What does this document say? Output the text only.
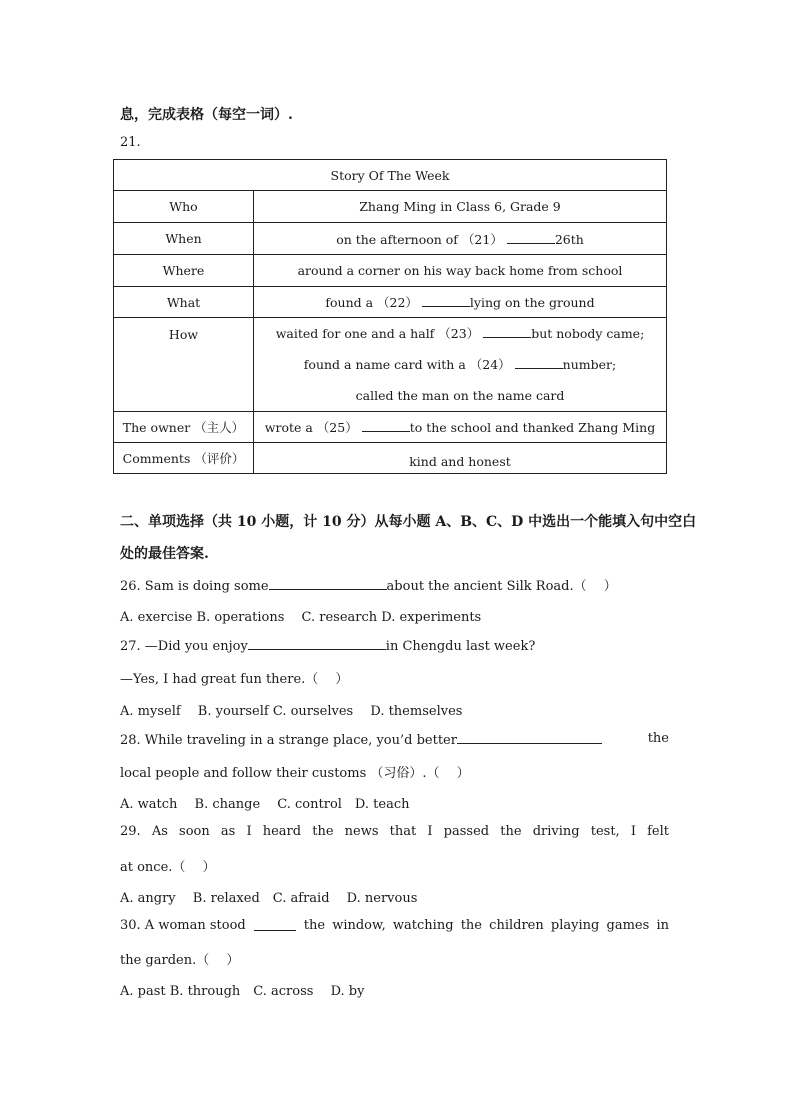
息，完成表格（每空一词）.
21.
Story Of The Week	
Who	Zhang Ming in Class 6, Grade 9
When	on the afternoon of （21） 26th
Where	around a corner on his way back home from school
What	found a （22） lying on the ground
How	waited for one and a half （23） but nobody came;
found a name card with a （24） number;
called the man on the name card

The owner （主人）	wrote a （25） to the school and thanked Zhang Ming
Comments （评价）	kind and honest
二、单项选择（共 10 小题，计 10 分）从每小题 A、B、C、D 中选出一个能填入句中空白
处的最佳答案.
26. Sam is doing some	about the ancient Silk Road.（　 ）
A. exercise B. operations　 C. research D. experiments
27. —Did you enjoy	in Chengdu last week?
—Yes, I had great fun there.（　 ）
A. myself　 B. yourself C. ourselves　 D. themselves
28. While traveling in a strange place, you’d better	the
local people and follow their customs （习俗）.（　 ）
A. watch　 B. change　 C. control　D. teach
29. As soon as I heard the news that I passed the driving test, I felt
at once.（　 ）
A. angry　 B. relaxed　C. afraid　 D. nervous
30. A woman stood	the window, watching the children playing games in
the garden.（　 ）
A. past B. through　C. across　 D. by
